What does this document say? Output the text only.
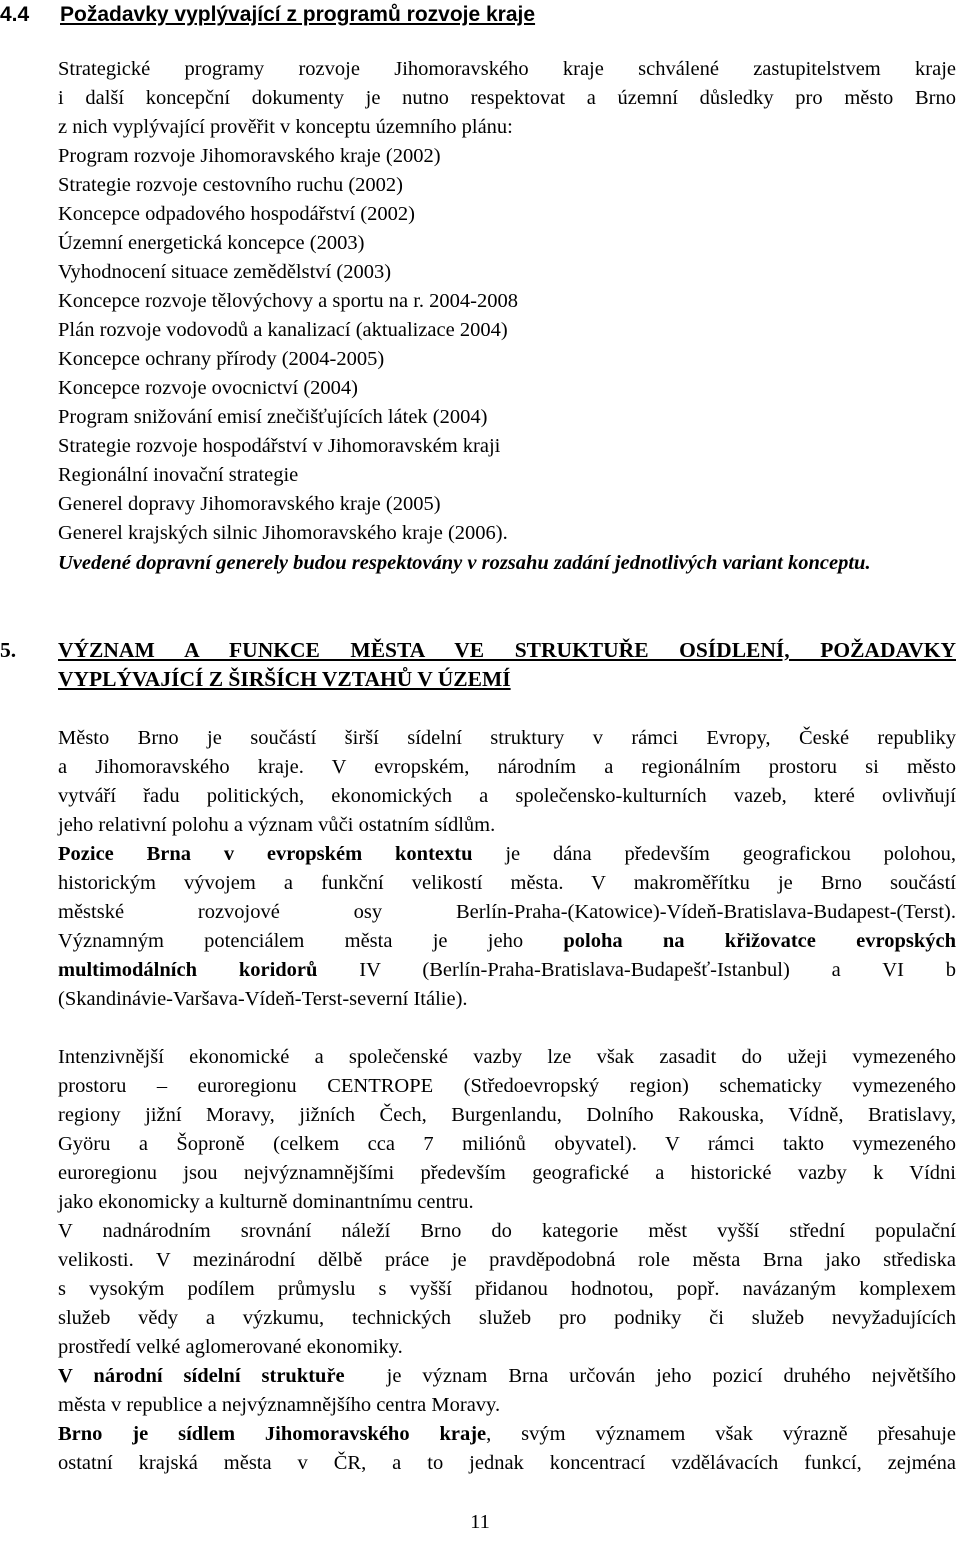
4.4 Požadavky vyplývající z programů rozvoje kraje
Strategické programy rozvoje Jihomoravského kraje schválené zastupitelstvem kraje
i další koncepční dokumenty je nutno respektovat a územní důsledky pro město Brno
z nich vyplývající prověřit v konceptu územního plánu:
Program rozvoje Jihomoravského kraje (2002)
Strategie rozvoje cestovního ruchu (2002)
Koncepce odpadového hospodářství (2002)
Územní energetická koncepce (2003)
Vyhodnocení situace zemědělství (2003)
Koncepce rozvoje tělovýchovy a sportu na r. 2004-2008
Plán rozvoje vodovodů a kanalizací (aktualizace 2004)
Koncepce ochrany přírody (2004-2005)
Koncepce rozvoje ovocnictví (2004)
Program snižování emisí znečišťujících látek (2004)
Strategie rozvoje hospodářství v Jihomoravském kraji
Regionální inovační strategie
Generel dopravy Jihomoravského kraje (2005)
Generel krajských silnic Jihomoravského kraje (2006).
Uvedené dopravní generely budou respektovány v rozsahu zadání jednotlivých variant konceptu.
5. VÝZNAM A FUNKCE MĚSTA VE STRUKTUŘE OSÍDLENÍ, POŽADAVKY
VYPLÝVAJÍCÍ Z ŠIRŠÍCH VZTAHŮ V ÚZEMÍ
Město Brno je součástí širší sídelní struktury v rámci Evropy, České republiky
a Jihomoravského kraje. V evropském, národním a regionálním prostoru si město
vytváří řadu politických, ekonomických a společensko-kulturních vazeb, které ovlivňují
jeho relativní polohu a význam vůči ostatním sídlům.
Pozice Brna v evropském kontextu je dána především geografickou polohou,
historickým vývojem a funkční velikostí města. V makroměřítku je Brno součástí
městské rozvojové osy Berlín-Praha-(Katowice)-Vídeň-Bratislava-Budapest-(Terst).
Významným potenciálem města je jeho poloha na křižovatce evropských
multimodálních koridorů IV (Berlín-Praha-Bratislava-Budapešť-Istanbul) a VI b
(Skandinávie-Varšava-Vídeň-Terst-severní Itálie).
Intenzivnější ekonomické a společenské vazby lze však zasadit do užeji vymezeného
prostoru – euroregionu CENTROPE (Středoevropský region) schematicky vymezeného
regiony jižní Moravy, jižních Čech, Burgenlandu, Dolního Rakouska, Vídně, Bratislavy,
Györu a Šoproně (celkem cca 7 miliónů obyvatel). V rámci takto vymezeného
euroregionu jsou nejvýznamnějšími především geografické a historické vazby k Vídni
jako ekonomicky a kulturně dominantnímu centru.
V nadnárodním srovnání náleží Brno do kategorie měst vyšší střední populační
velikosti. V mezinárodní dělbě práce je pravděpodobná role města Brna jako střediska
s vysokým podílem průmyslu s vyšší přidanou hodnotou, popř. navázaným komplexem
služeb vědy a výzkumu, technických služeb pro podniky či služeb nevyžadujících
prostředí velké aglomerované ekonomiky.
V národní sídelní struktuře  je význam Brna určován jeho pozicí druhého největšího
města v republice a nejvýznamnějšího centra Moravy.
Brno je sídlem Jihomoravského kraje, svým významem však výrazně přesahuje
ostatní krajská města v ČR, a to jednak koncentrací vzdělávacích funkcí, zejména
11
